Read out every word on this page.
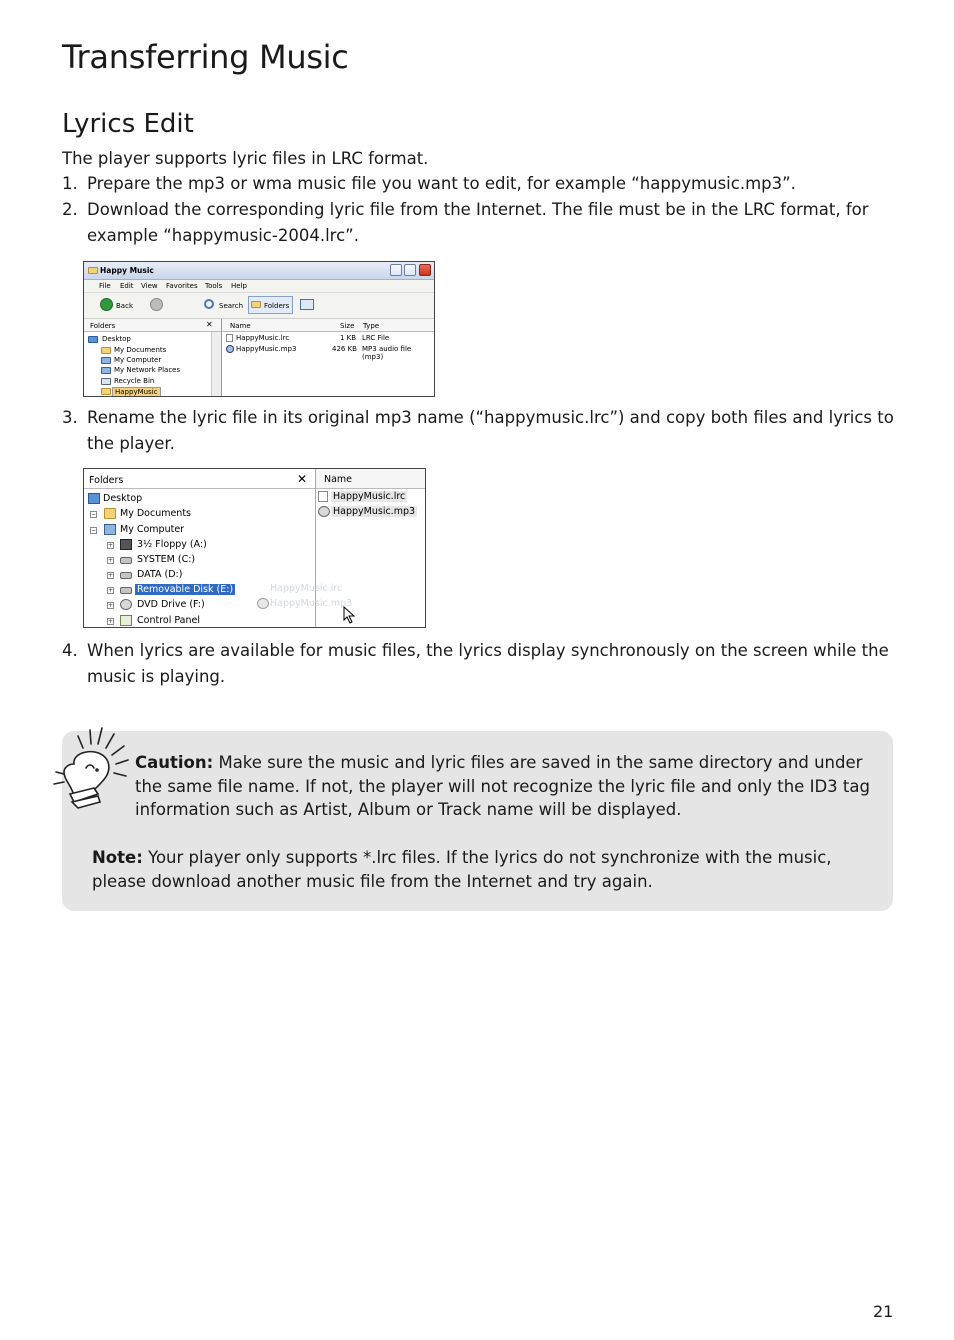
Transferring Music
Lyrics Edit

The player supports lyric files in LRC format.

1. Prepare the mp3 or wma music file you want to edit, for example “happymusic.mp3”.

2. Download the corresponding lyric file from the Internet. The file must be in the LRC format, for example “happymusic-2004.lrc”.

Happy Music
File Edit View Favorites Tools Help
Back	Search	Folders
Folders	✕
Desktop
My Documents
My Computer
My Network Places
Recycle Bin
HappyMusic
Name	Size Type
HappyMusic.lrc	1 KB LRC File
HappyMusic.mp3	426 KB MP3 audio file (mp3)

3. Rename the lyric file in its original mp3 name (“happymusic.lrc”) and copy both files and lyrics to the player.

Folders	✕
Desktop
−	My Documents
−	My Computer
+	3½ Floppy (A:)
+	SYSTEM (C:)
+	DATA (D:)
+	Removable Disk (E:)
+	DVD Drive (F:)
+	Control Panel
HappyMusic.lrc
HappyMusic.mp3
Name
HappyMusic.lrc
HappyMusic.mp3

4. When lyrics are available for music files, the lyrics display synchronously on the screen while the music is playing.

Caution: Make sure the music and lyric files are saved in the same directory and under the same file name. If not, the player will not recognize the lyric file and only the ID3 tag information such as Artist, Album or Track name will be displayed.

Note: Your player only supports *.lrc files. If the lyrics do not synchronize with the music, please download another music file from the Internet and try again.

21
